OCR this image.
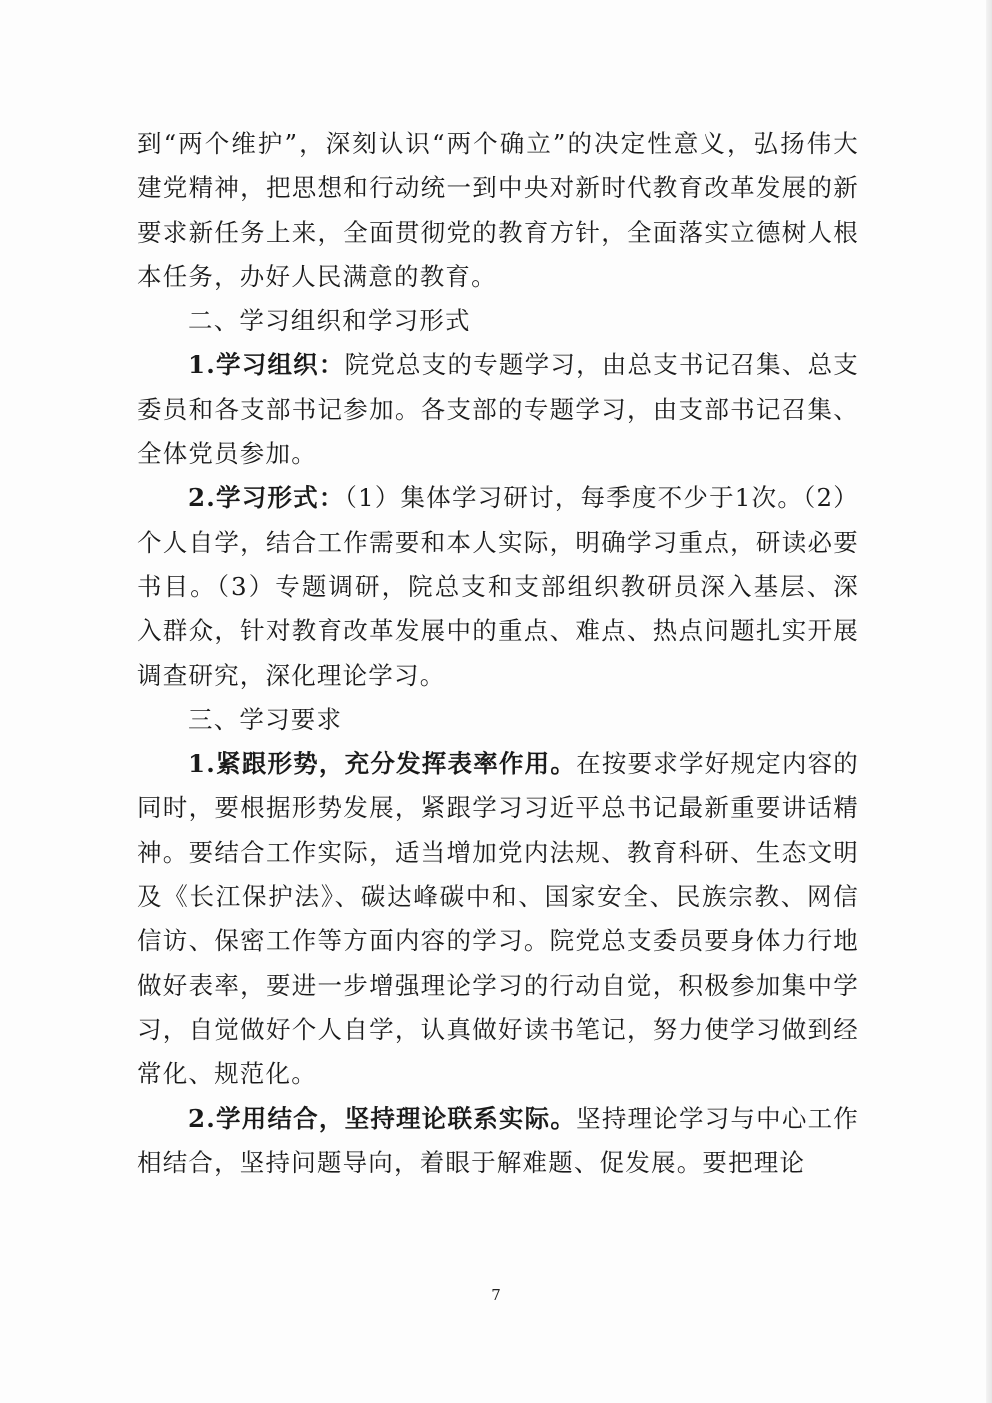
到“两个维护”，深刻认识“两个确立”的决定性意义，弘扬伟大建党精神，把思想和行动统一到中央对新时代教育改革发展的新要求新任务上来，全面贯彻党的教育方针，全面落实立德树人根本任务，办好人民满意的教育。

二、学习组织和学习形式

1.学习组织：院党总支的专题学习，由总支书记召集、总支委员和各支部书记参加。各支部的专题学习，由支部书记召集、全体党员参加。

2.学习形式：（1）集体学习研讨，每季度不少于1次。（2）个人自学，结合工作需要和本人实际，明确学习重点，研读必要书目。（3）专题调研，院总支和支部组织教研员深入基层、深入群众，针对教育改革发展中的重点、难点、热点问题扎实开展调查研究，深化理论学习。

三、学习要求

1.紧跟形势，充分发挥表率作用。在按要求学好规定内容的同时，要根据形势发展，紧跟学习习近平总书记最新重要讲话精神。要结合工作实际，适当增加党内法规、教育科研、生态文明及《长江保护法》、碳达峰碳中和、国家安全、民族宗教、网信信访、保密工作等方面内容的学习。院党总支委员要身体力行地做好表率，要进一步增强理论学习的行动自觉，积极参加集中学习，自觉做好个人自学，认真做好读书笔记，努力使学习做到经常化、规范化。

2.学用结合，坚持理论联系实际。坚持理论学习与中心工作相结合，坚持问题导向，着眼于解难题、促发展。要把理论

7
